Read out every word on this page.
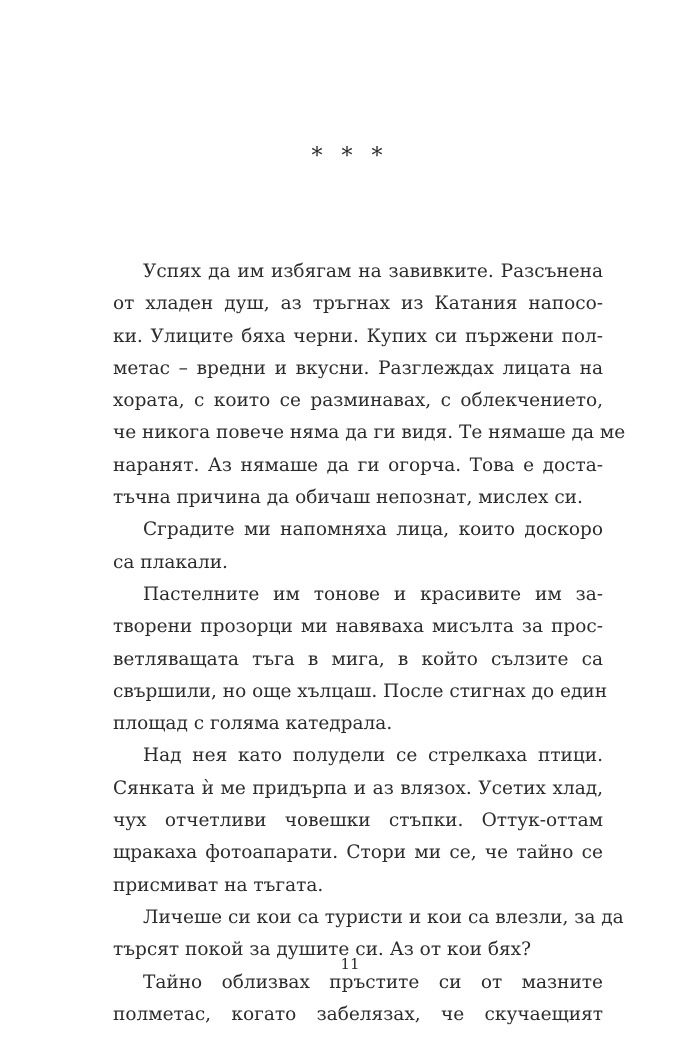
* * *
Успях да им избягам на завивките. Разсънена
от хладен душ, аз тръгнах из Катания напосо-
ки. Улиците бяха черни. Купих си пържени пол-
метас – вредни и вкусни. Разглеждах лицата на
хората, с които се разминавах, с облекчението,
че никога повече няма да ги видя. Те нямаше да ме
наранят. Аз нямаше да ги огорча. Това е доста-
тъчна причина да обичаш непознат, мислех си.
Сградите ми напомняха лица, които доскоро
са плакали.
Пастелните им тонове и красивите им за-
творени прозорци ми навяваха мисълта за прос-
ветляващата тъга в мига, в който сълзите са
свършили, но още хълцаш. После стигнах до един
площад с голяма катедрала.
Над нея като полудели се стрелкаха птици.
Сянката ѝ ме придърпа и аз влязох. Усетих хлад,
чух отчетливи човешки стъпки. Оттук-оттам
щракаха фотоапарати. Стори ми се, че тайно се
присмиват на тъгата.
Личеше си кои са туристи и кои са влезли, за да
търсят покой за душите си. Аз от кои бях?
Тайно облизвах пръстите си от мазните
полметас, когато забелязах, че скучаещият
11
